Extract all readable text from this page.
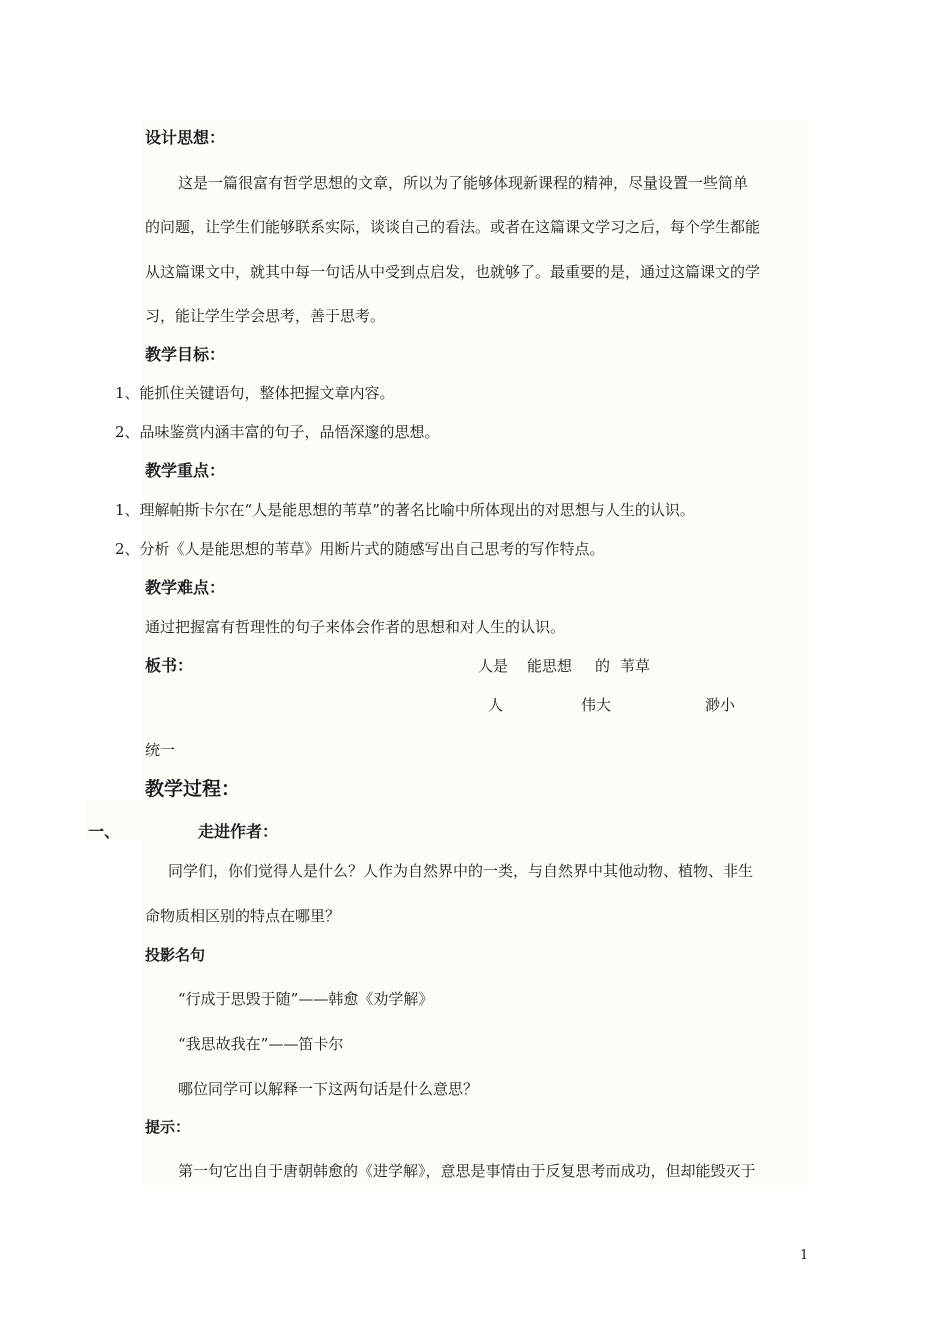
设计思想：
这是一篇很富有哲学思想的文章，所以为了能够体现新课程的精神，尽量设置一些简单
的问题，让学生们能够联系实际，谈谈自己的看法。或者在这篇课文学习之后，每个学生都能
从这篇课文中，就其中每一句话从中受到点启发，也就够了。最重要的是，通过这篇课文的学
习，能让学生学会思考，善于思考。
教学目标：
1、能抓住关键语句，整体把握文章内容。
2、品味鉴赏内涵丰富的句子，品悟深邃的思想。
教学重点：
1、理解帕斯卡尔在“人是能思想的苇草”的著名比喻中所体现出的对思想与人生的认识。
2、分析《人是能思想的苇草》用断片式的随感写出自己思考的写作特点。
教学难点：
通过把握富有哲理性的句子来体会作者的思想和对人生的认识。
板书：	人是 能思想 的 苇草
人	伟大	渺小
统一
教学过程：
一、	走进作者：
同学们，你们觉得人是什么？人作为自然界中的一类，与自然界中其他动物、植物、非生
命物质相区别的特点在哪里？
投影名句
“行成于思毁于随”——韩愈《劝学解》
“我思故我在”——笛卡尔
哪位同学可以解释一下这两句话是什么意思？
提示：
第一句它出自于唐朝韩愈的《进学解》，意思是事情由于反复思考而成功，但却能毁灭于
1
